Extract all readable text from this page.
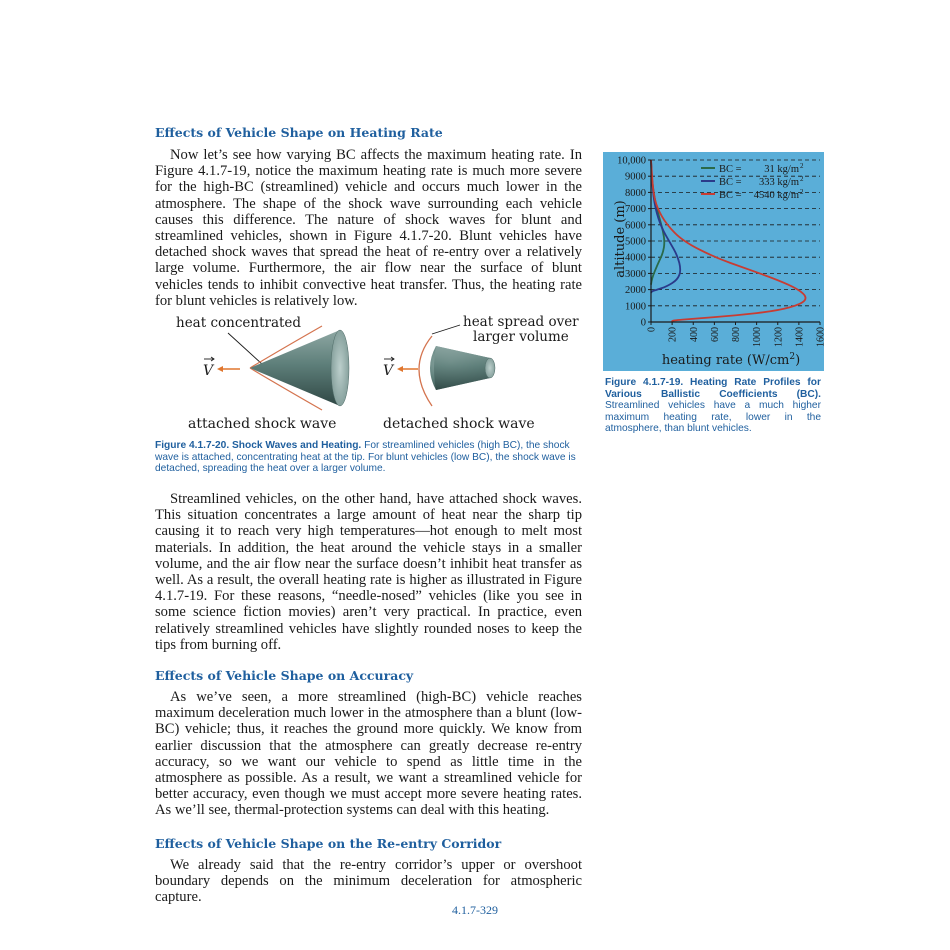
Effects of Vehicle Shape on Heating Rate

Now let’s see how varying BC affects the maximum heating rate. In Figure 4.1.7-19, notice the maximum heating rate is much more severe for the high-BC (streamlined) vehicle and occurs much lower in the atmosphere. The shape of the shock wave surrounding each vehicle causes this difference. The nature of shock waves for blunt and streamlined vehicles, shown in Figure 4.1.7-20. Blunt vehicles have detached shock waves that spread the heat of re-entry over a relatively large volume. Furthermore, the air flow near the surface of blunt vehicles tends to inhibit convective heat transfer. Thus, the heating rate for blunt vehicles is relatively low.

heat concentrated
V
attached shock wave
heat spread over
larger volume
V
detached shock wave

Figure 4.1.7-20. Shock Waves and Heating. For streamlined vehicles (high BC), the shock wave is attached, concentrating heat at the tip. For blunt vehicles (low BC), the shock wave is detached, spreading the heat over a larger volume.

Streamlined vehicles, on the other hand, have attached shock waves. This situation concentrates a large amount of heat near the sharp tip causing it to reach very high temperatures—hot enough to melt most materials. In addition, the heat around the vehicle stays in a smaller volume, and the air flow near the surface doesn’t inhibit heat transfer as well. As a result, the overall heating rate is higher as illustrated in Figure 4.1.7-19. For these reasons, “needle-nosed” vehicles (like you see in some science fiction movies) aren’t very practical. In practice, even relatively streamlined vehicles have slightly rounded noses to keep the tips from burning off.

Effects of Vehicle Shape on Accuracy

As we’ve seen, a more streamlined (high-BC) vehicle reaches maximum deceleration much lower in the atmosphere than a blunt (low-BC) vehicle; thus, it reaches the ground more quickly. We know from earlier discussion that the atmosphere can greatly decrease re-entry accuracy, so we want our vehicle to spend as little time in the atmosphere as possible. As a result, we want a streamlined vehicle for better accuracy, even though we must accept more severe heating rates. As we’ll see, thermal-protection systems can deal with this heating.

Effects of Vehicle Shape on the Re-entry Corridor

We already said that the re-entry corridor’s upper or overshoot boundary depends on the minimum deceleration for atmospheric capture.

0
1000
2000
3000
4000
5000
6000
7000
8000
9000
10,000
0 200 400 600 800 1000 1200 1400 1600
BC = 31 kg/m 2
BC = 333 kg/m 2
BC = 4540 kg/m 2
altitude (m)
heating rate $(W/cm^2)$

Figure 4.1.7-19. Heating Rate Profiles for Various Ballistic Coefficients (BC). Streamlined vehicles have a much higher maximum heating rate, lower in the atmosphere, than blunt vehicles.

4.1.7-329
